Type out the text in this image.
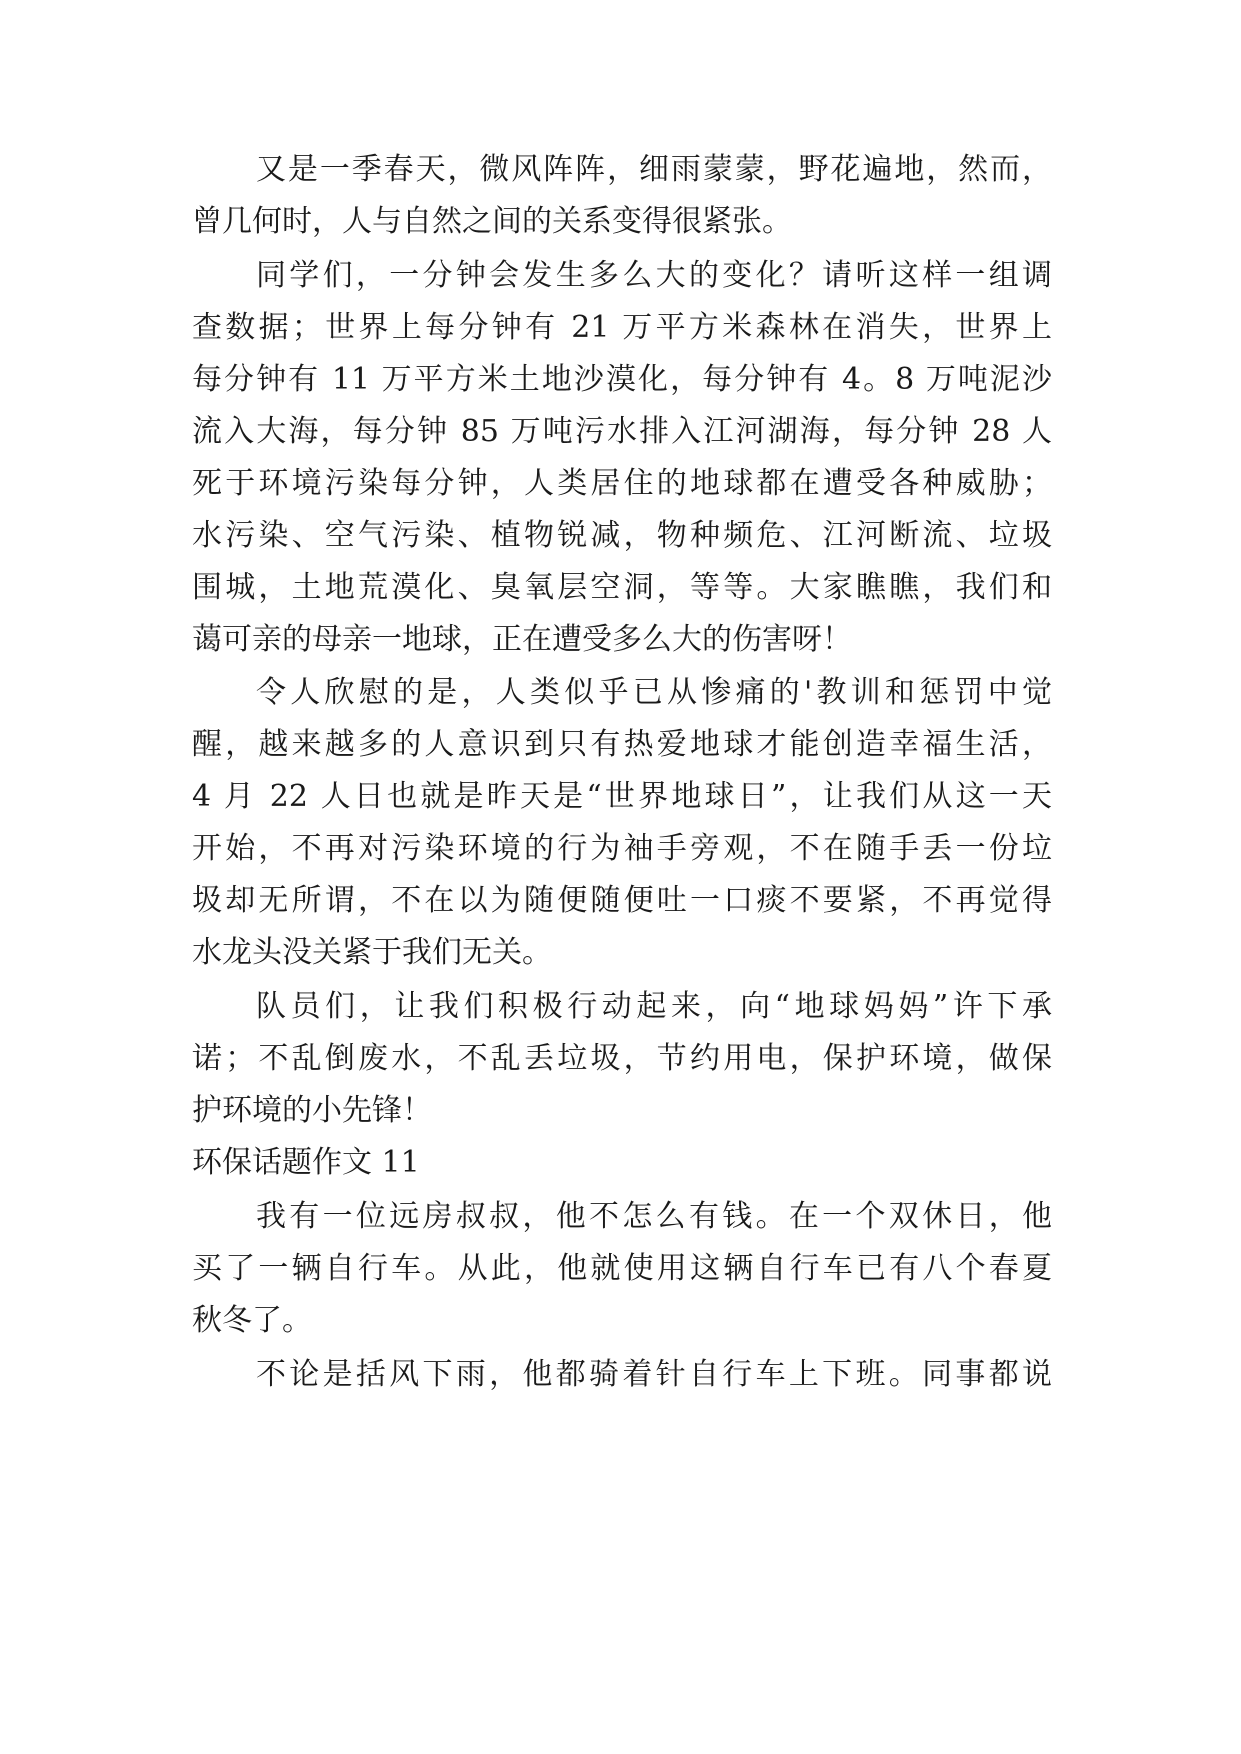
又是一季春天，微风阵阵，细雨蒙蒙，野花遍地，然而，
曾几何时，人与自然之间的关系变得很紧张。
同学们，一分钟会发生多么大的变化？请听这样一组调
查数据；世界上每分钟有 21 万平方米森林在消失，世界上
每分钟有 11 万平方米土地沙漠化，每分钟有 4。8 万吨泥沙
流入大海，每分钟 85 万吨污水排入江河湖海，每分钟 28 人
死于环境污染每分钟，人类居住的地球都在遭受各种威胁；
水污染、空气污染、植物锐减，物种频危、江河断流、垃圾
围城，土地荒漠化、臭氧层空洞，等等。大家瞧瞧，我们和
蔼可亲的母亲一地球，正在遭受多么大的伤害呀！
令人欣慰的是，人类似乎已从惨痛的'教训和惩罚中觉
醒，越来越多的人意识到只有热爱地球才能创造幸福生活，
4 月 22 人日也就是昨天是“世界地球日”，让我们从这一天
开始，不再对污染环境的行为袖手旁观，不在随手丢一份垃
圾却无所谓，不在以为随便随便吐一口痰不要紧，不再觉得
水龙头没关紧于我们无关。
队员们，让我们积极行动起来，向“地球妈妈”许下承
诺；不乱倒废水，不乱丢垃圾，节约用电，保护环境，做保
护环境的小先锋！
环保话题作文 11
我有一位远房叔叔，他不怎么有钱。在一个双休日，他
买了一辆自行车。从此，他就使用这辆自行车已有八个春夏
秋冬了。
不论是括风下雨，他都骑着针自行车上下班。同事都说
